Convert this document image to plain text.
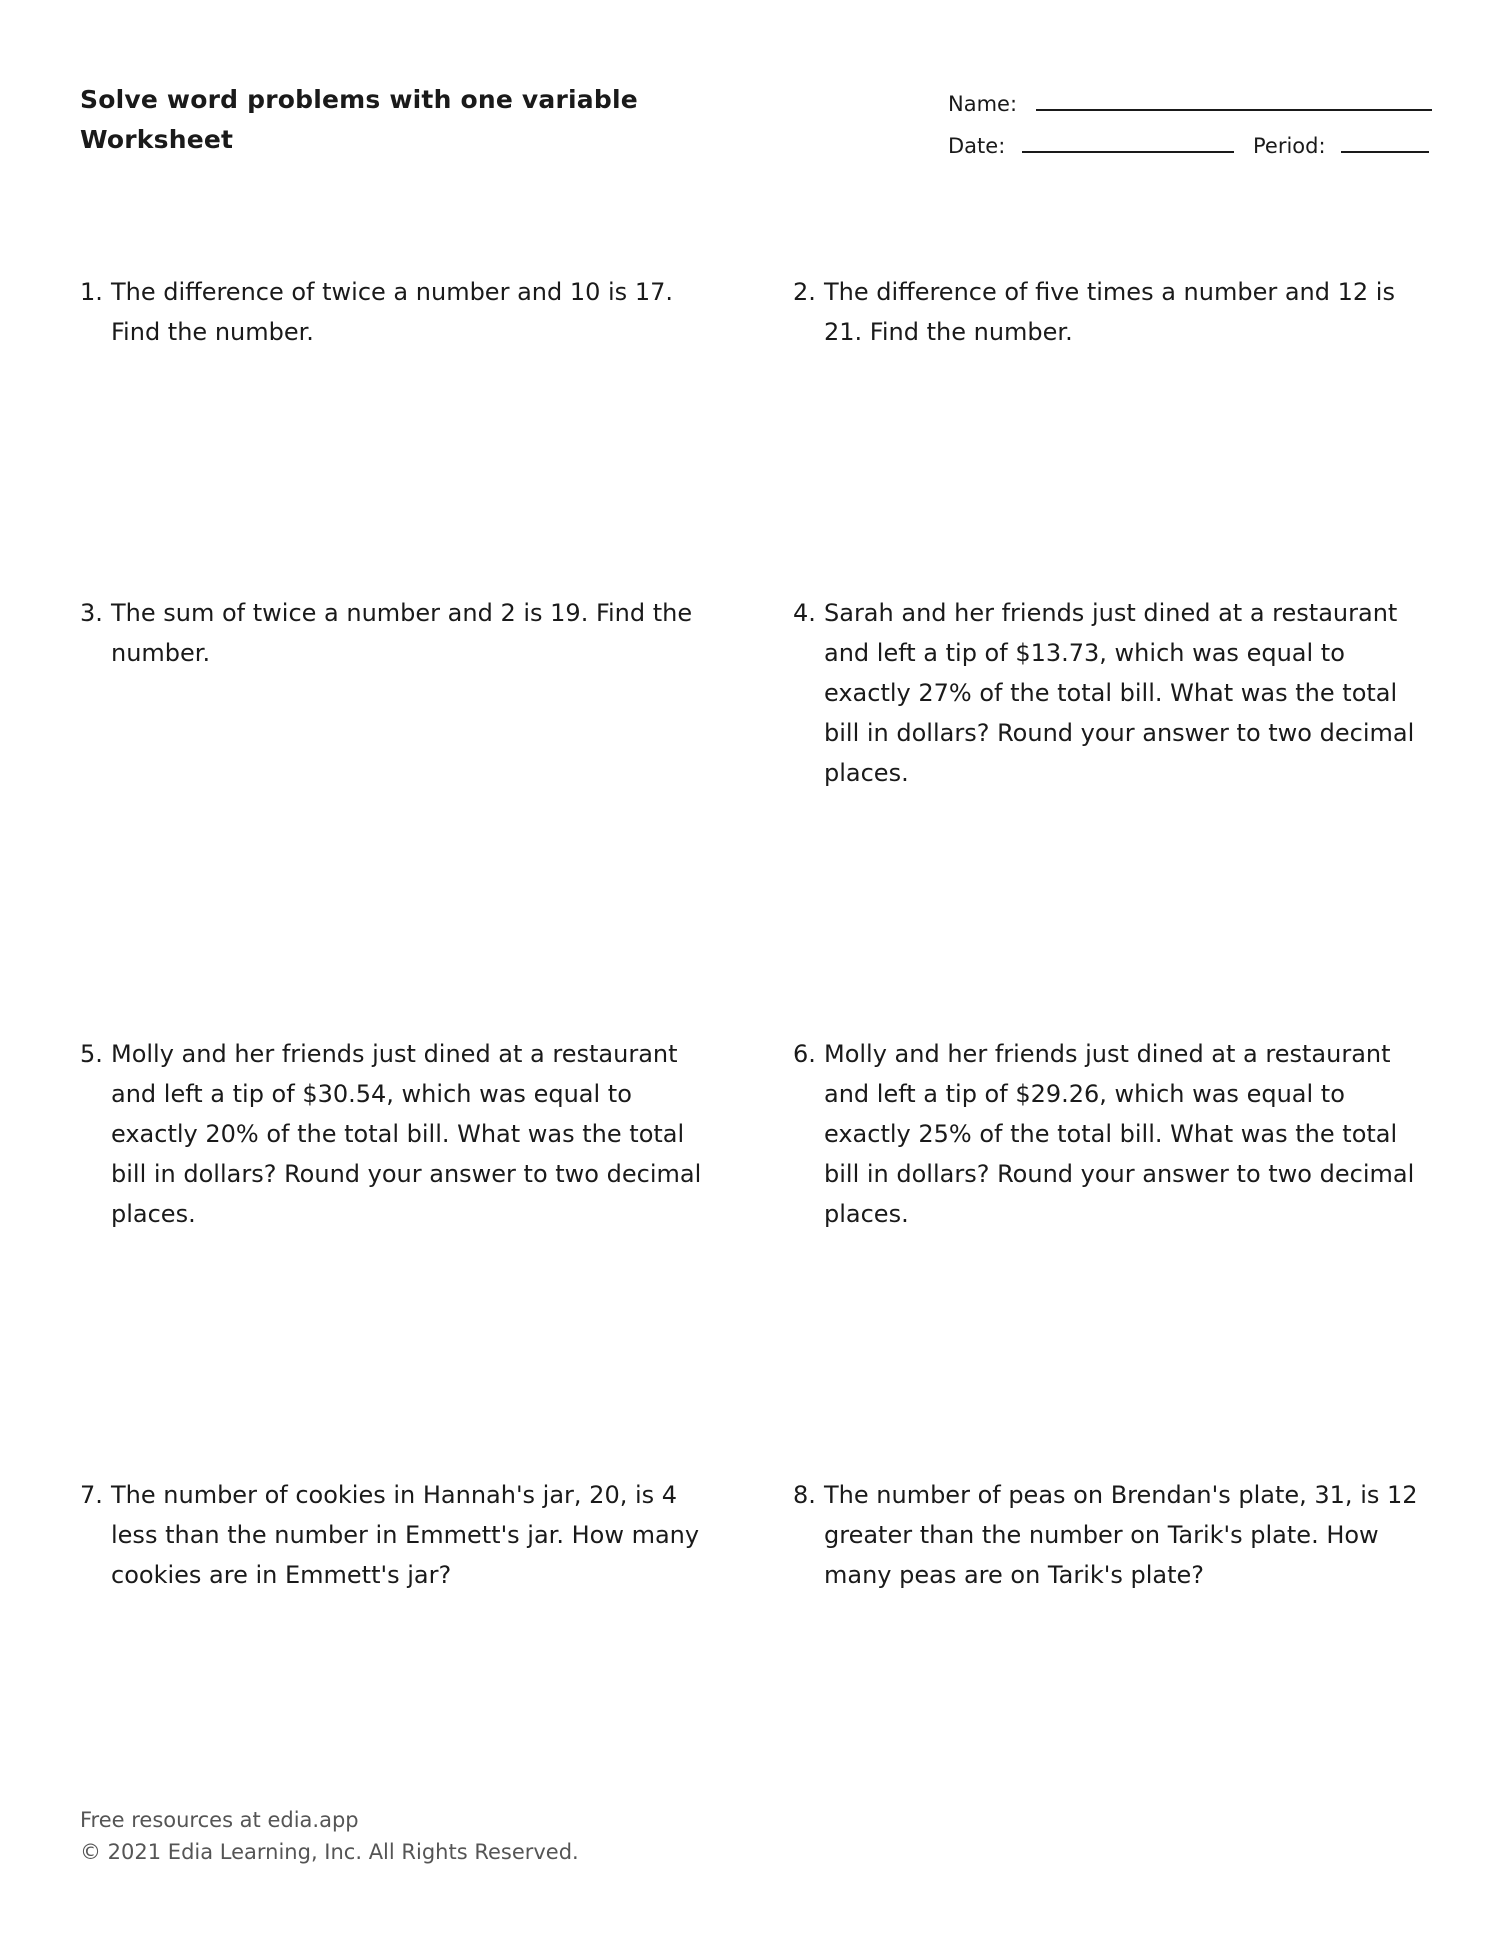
Solve word problems with one variable
Worksheet
Name:
Date:	Period:
1. The difference of twice a number and 10 is 17. Find the number.
2. The difference of five times a number and 12 is 21. Find the number.
3. The sum of twice a number and 2 is 19. Find the number.
4. Sarah and her friends just dined at a restaurant and left a tip of $13.73, which was equal to exactly 27% of the total bill. What was the total bill in dollars? Round your answer to two decimal places.
5. Molly and her friends just dined at a restaurant and left a tip of $30.54, which was equal to exactly 20% of the total bill. What was the total bill in dollars? Round your answer to two decimal places.
6. Molly and her friends just dined at a restaurant and left a tip of $29.26, which was equal to exactly 25% of the total bill. What was the total bill in dollars? Round your answer to two decimal places.
7. The number of cookies in Hannah's jar, 20, is 4 less than the number in Emmett's jar. How many cookies are in Emmett's jar?
8. The number of peas on Brendan's plate, 31, is 12 greater than the number on Tarik's plate. How many peas are on Tarik's plate?
Free resources at edia.app
© 2021 Edia Learning, Inc. All Rights Reserved.
